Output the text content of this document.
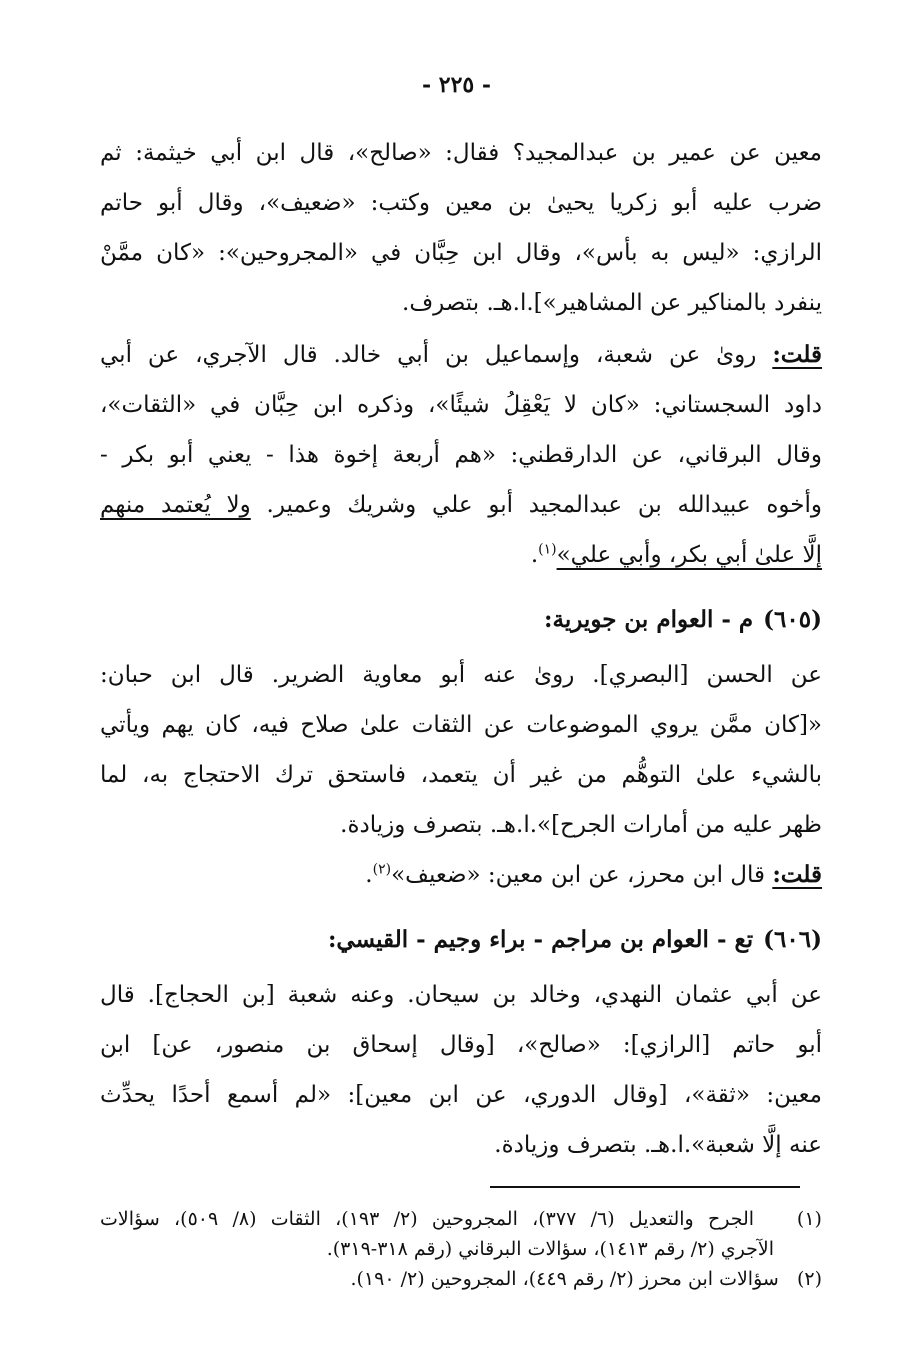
- ٢٢٥ -
معين عن عمير بن عبدالمجيد؟ فقال: «صالح»، قال ابن أبي خيثمة: ثم
ضرب عليه أبو زكريا يحيىٰ بن معين وكتب: «ضعيف»، وقال أبو حاتم
الرازي: «ليس به بأس»، وقال ابن حِبَّان في «المجروحين»: «كان ممَّنْ
ينفرد بالمناكير عن المشاهير»].ا.هـ. بتصرف.
قلت: روىٰ عن شعبة، وإسماعيل بن أبي خالد. قال الآجري، عن أبي
داود السجستاني: «كان لا يَعْقِلُ شيئًا»، وذكره ابن حِبَّان في «الثقات»،
وقال البرقاني، عن الدارقطني: «هم أربعة إخوة هذا - يعني أبو بكر -
وأخوه عبيدالله بن عبدالمجيد أبو علي وشريك وعمير. ولا يُعتمد منهم
إلَّا علىٰ أبي بكر، وأبي علي»$^{(١)}$.
(٦٠٥)م - العوام بن جويرية:
عن الحسن [البصري]. روىٰ عنه أبو معاوية الضرير. قال ابن حبان:
«[كان ممَّن يروي الموضوعات عن الثقات علىٰ صلاح فيه، كان يهم ويأتي
بالشيء علىٰ التوهُّم من غير أن يتعمد، فاستحق ترك الاحتجاج به، لما
ظهر عليه من أمارات الجرح]».ا.هـ. بتصرف وزيادة.
قلت: قال ابن محرز، عن ابن معين: «ضعيف»$^{(٢)}$.
(٦٠٦)تع - العوام بن مراجم - براء وجيم - القيسي:
عن أبي عثمان النهدي، وخالد بن سيحان. وعنه شعبة [بن الحجاج]. قال
أبو حاتم [الرازي]: «صالح»، [وقال إسحاق بن منصور، عن] ابن
معين: «ثقة»، [وقال الدوري، عن ابن معين]: «لم أسمع أحدًا يحدِّث
عنه إلَّا شعبة».ا.هـ. بتصرف وزيادة.
(١)   الجرح والتعديل (٦/ ٣٧٧)، المجروحين (٢/ ١٩٣)، الثقات (٨/ ٥٠٩)، سؤالات
الآجري (٢/ رقم ١٤١٣)، سؤالات البرقاني (رقم ٣١٨-٣١٩).
(٢)   سؤالات ابن محرز (٢/ رقم ٤٤٩)، المجروحين (٢/ ١٩٠).
